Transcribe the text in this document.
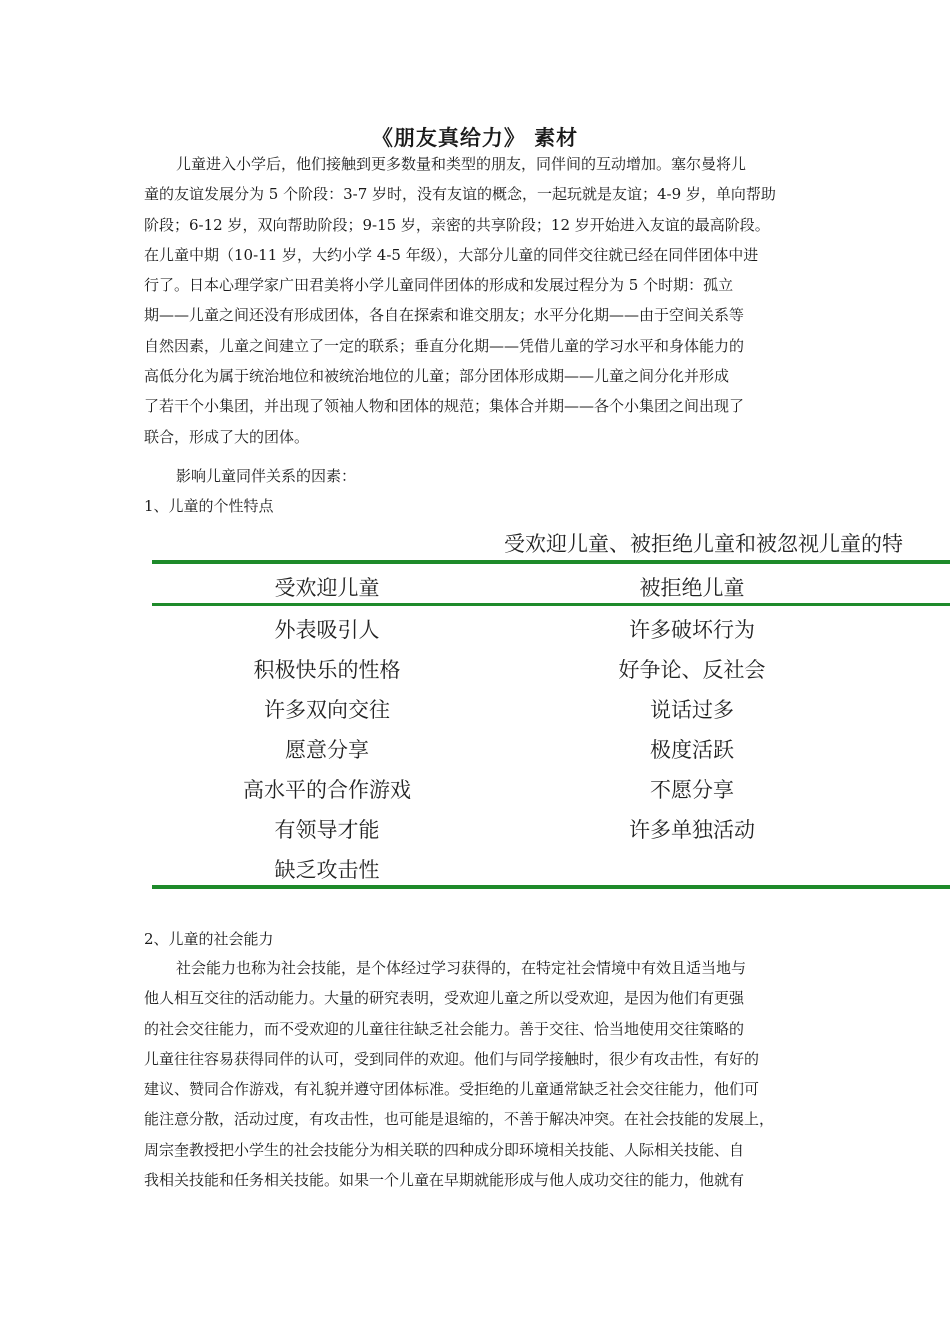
《朋友真给力》 素材
儿童进入小学后，他们接触到更多数量和类型的朋友，同伴间的互动增加。塞尔曼将儿
童的友谊发展分为 5 个阶段：3-7 岁时，没有友谊的概念，一起玩就是友谊；4-9 岁，单向帮助
阶段；6-12 岁，双向帮助阶段；9-15 岁，亲密的共享阶段；12 岁开始进入友谊的最高阶段。
在儿童中期（10-11 岁，大约小学 4-5 年级），大部分儿童的同伴交往就已经在同伴团体中进
行了。日本心理学家广田君美将小学儿童同伴团体的形成和发展过程分为 5 个时期：孤立
期——儿童之间还没有形成团体，各自在探索和谁交朋友；水平分化期——由于空间关系等
自然因素，儿童之间建立了一定的联系；垂直分化期——凭借儿童的学习水平和身体能力的
高低分化为属于统治地位和被统治地位的儿童；部分团体形成期——儿童之间分化并形成
了若干个小集团，并出现了领袖人物和团体的规范；集体合并期——各个小集团之间出现了
联合，形成了大的团体。
影响儿童同伴关系的因素：
1、儿童的个性特点
受欢迎儿童、被拒绝儿童和被忽视儿童的特
受欢迎儿童	被拒绝儿童
外表吸引人
积极快乐的性格
许多双向交往
愿意分享
高水平的合作游戏
有领导才能
缺乏攻击性
许多破坏行为
好争论、反社会
说话过多
极度活跃
不愿分享
许多单独活动
2、儿童的社会能力
社会能力也称为社会技能，是个体经过学习获得的，在特定社会情境中有效且适当地与
他人相互交往的活动能力。大量的研究表明，受欢迎儿童之所以受欢迎，是因为他们有更强
的社会交往能力，而不受欢迎的儿童往往缺乏社会能力。善于交往、恰当地使用交往策略的
儿童往往容易获得同伴的认可，受到同伴的欢迎。他们与同学接触时，很少有攻击性，有好的
建议、赞同合作游戏，有礼貌并遵守团体标准。受拒绝的儿童通常缺乏社会交往能力，他们可
能注意分散，活动过度，有攻击性，也可能是退缩的，不善于解决冲突。在社会技能的发展上，
周宗奎教授把小学生的社会技能分为相关联的四种成分即环境相关技能、人际相关技能、自
我相关技能和任务相关技能。如果一个儿童在早期就能形成与他人成功交往的能力，他就有
